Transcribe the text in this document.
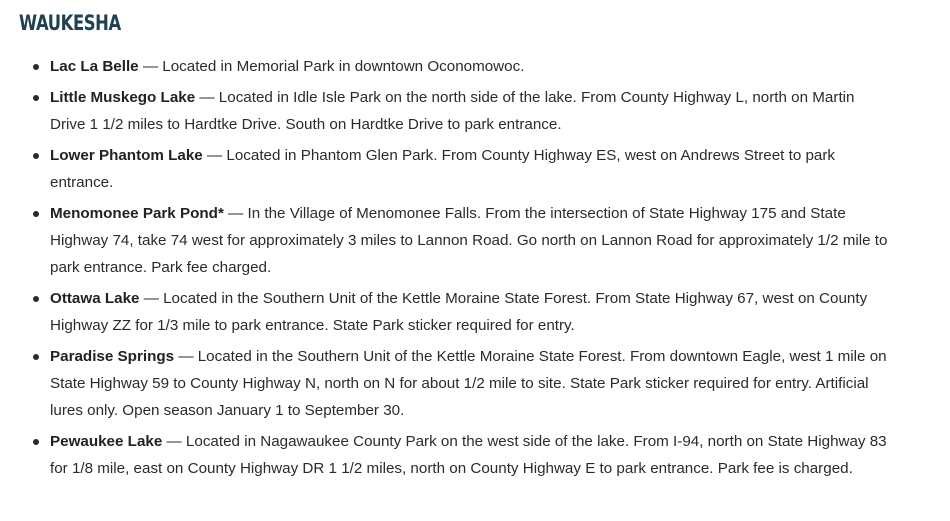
WAUKESHA
Lac La Belle — Located in Memorial Park in downtown Oconomowoc.
Little Muskego Lake — Located in Idle Isle Park on the north side of the lake. From County Highway L, north on Martin Drive 1 1/2 miles to Hardtke Drive. South on Hardtke Drive to park entrance.
Lower Phantom Lake — Located in Phantom Glen Park. From County Highway ES, west on Andrews Street to park entrance.
Menomonee Park Pond* — In the Village of Menomonee Falls. From the intersection of State Highway 175 and State Highway 74, take 74 west for approximately 3 miles to Lannon Road. Go north on Lannon Road for approximately 1/2 mile to park entrance. Park fee charged.
Ottawa Lake — Located in the Southern Unit of the Kettle Moraine State Forest. From State Highway 67, west on County Highway ZZ for 1/3 mile to park entrance. State Park sticker required for entry.
Paradise Springs — Located in the Southern Unit of the Kettle Moraine State Forest. From downtown Eagle, west 1 mile on State Highway 59 to County Highway N, north on N for about 1/2 mile to site. State Park sticker required for entry. Artificial lures only. Open season January 1 to September 30.
Pewaukee Lake — Located in Nagawaukee County Park on the west side of the lake. From I-94, north on State Highway 83 for 1/8 mile, east on County Highway DR 1 1/2 miles, north on County Highway E to park entrance. Park fee is charged.
